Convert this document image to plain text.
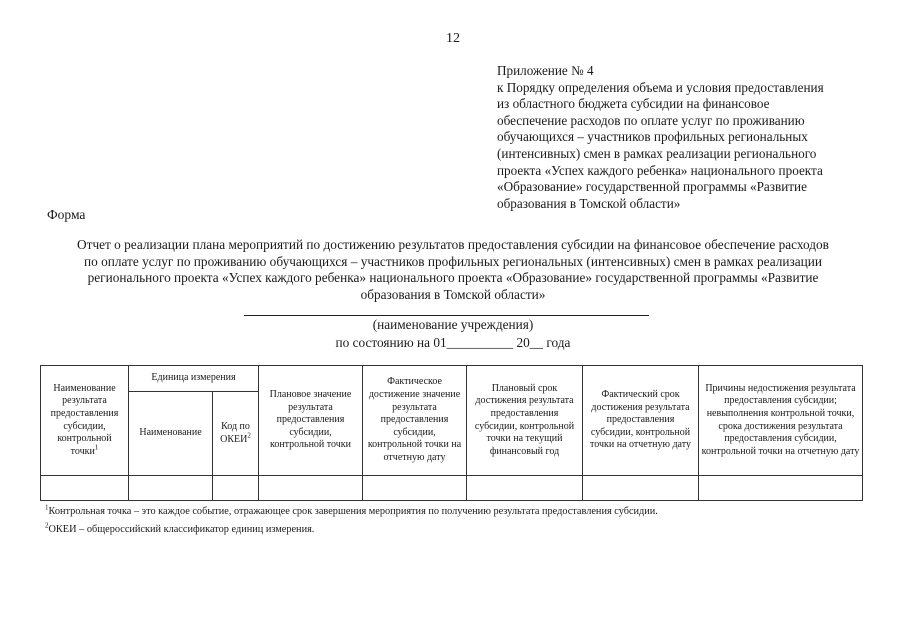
12
Приложение № 4
к Порядку определения объема и условия предоставления
из областного бюджета субсидии на финансовое
обеспечение расходов по оплате услуг по проживанию
обучающихся – участников профильных региональных
(интенсивных) смен в рамках реализации регионального
проекта «Успех каждого ребенка» национального проекта
«Образование» государственной программы «Развитие
образования в Томской области»
Форма
Отчет о реализации плана мероприятий по достижению результатов предоставления субсидии на финансовое обеспечение расходов
по оплате услуг по проживанию обучающихся – участников профильных региональных (интенсивных) смен в рамках реализации
регионального проекта «Успех каждого ребенка» национального проекта «Образование» государственной программы «Развитие
образования в Томской области»
(наименование учреждения)
по состоянию на 01__________ 20__ года
Наименование результата предоставления субсидии, контрольной точки$^1$	Единица измерения		Плановое значение результата предоставления субсидии, контрольной точки	Фактическое достижение значение результата предоставления субсидии, контрольной точки на отчетную дату	Плановый срок достижения результата предоставления субсидии, контрольной точки на текущий финансовый год	Фактический срок достижения результата предоставления субсидии, контрольной точки на отчетную дату	Причины недостижения результата предоставления субсидии; невыполнения контрольной точки, срока достижения результата предоставления субсидии, контрольной точки на отчетную дату
	Наименование	Код по ОКЕИ$^2$

$^1$Контрольная точка – это каждое событие, отражающее срок завершения мероприятия по получению результата предоставления субсидии.
$^2$ОКЕИ – общероссийский классификатор единиц измерения.
